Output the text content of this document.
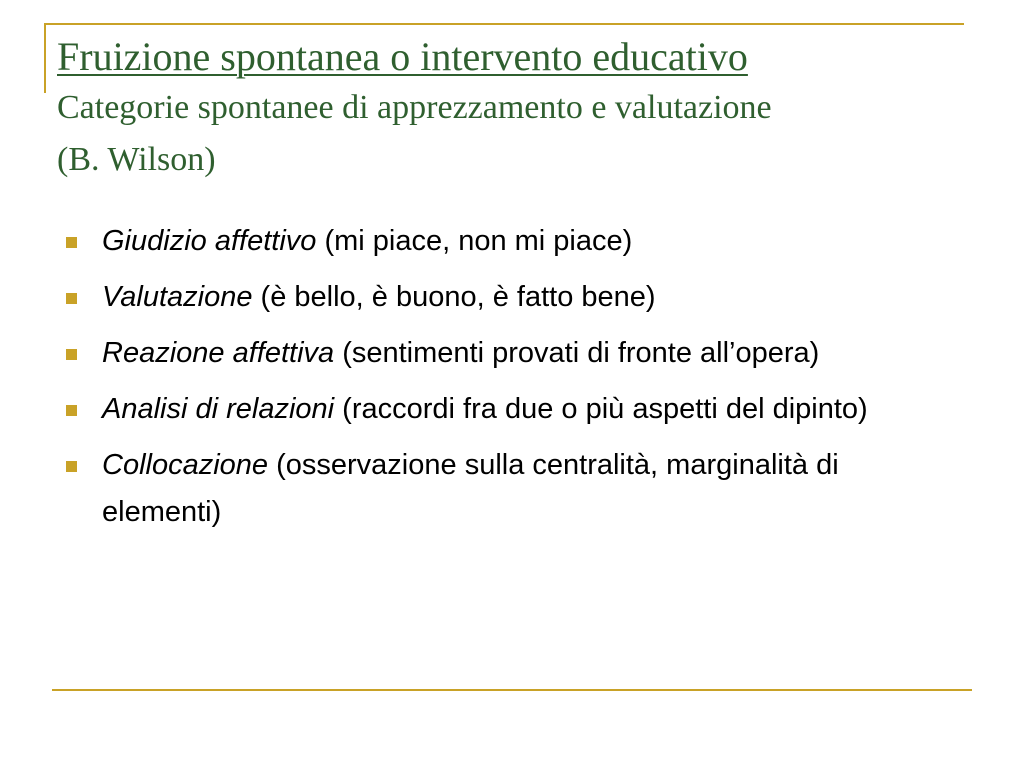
Fruizione spontanea o intervento educativo
Categorie spontanee di apprezzamento e valutazione (B. Wilson)
Giudizio affettivo (mi piace, non mi piace)
Valutazione (è bello, è buono, è fatto bene)
Reazione affettiva (sentimenti provati di fronte all’opera)
Analisi di relazioni (raccordi fra due o più aspetti del dipinto)
Collocazione (osservazione sulla centralità, marginalità di elementi)
